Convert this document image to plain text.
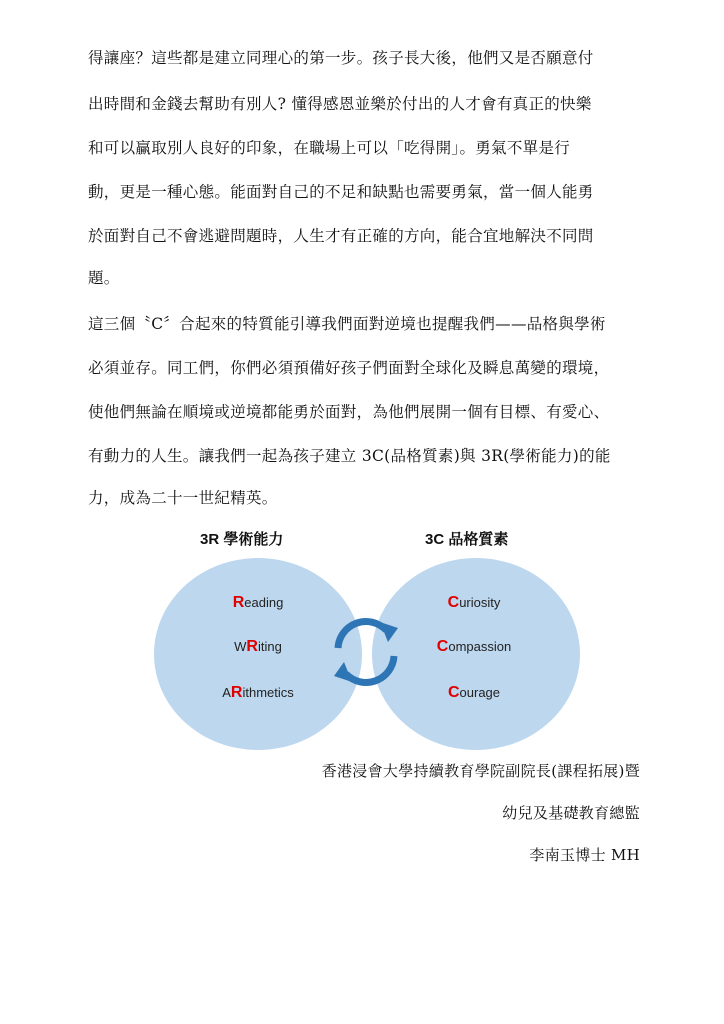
得讓座？這些都是建立同理心的第一步。孩子長大後，他們又是否願意付
出時間和金錢去幫助有別人? 懂得感恩並樂於付出的人才會有真正的快樂
和可以贏取別人良好的印象，在職場上可以「吃得開」。勇氣不單是行
動，更是一種心態。能面對自己的不足和缺點也需要勇氣，當一個人能勇
於面對自己不會逃避問題時，人生才有正確的方向，能合宜地解決不同問
題。
這三個〝C〞合起來的特質能引導我們面對逆境也提醒我們——品格與學術
必須並存。同工們，你們必須預備好孩子們面對全球化及瞬息萬變的環境，
使他們無論在順境或逆境都能勇於面對，為他們展開一個有目標、有愛心、
有動力的人生。讓我們一起為孩子建立 3C(品格質素)與 3R(學術能力)的能
力，成為二十一世紀精英。
3R 學術能力	3C 品格質素
Reading
WRiting
ARithmetics
Curiosity
Compassion
Courage
香港浸會大學持續教育學院副院長(課程拓展)暨
幼兒及基礎教育總監
李南玉博士 MH
